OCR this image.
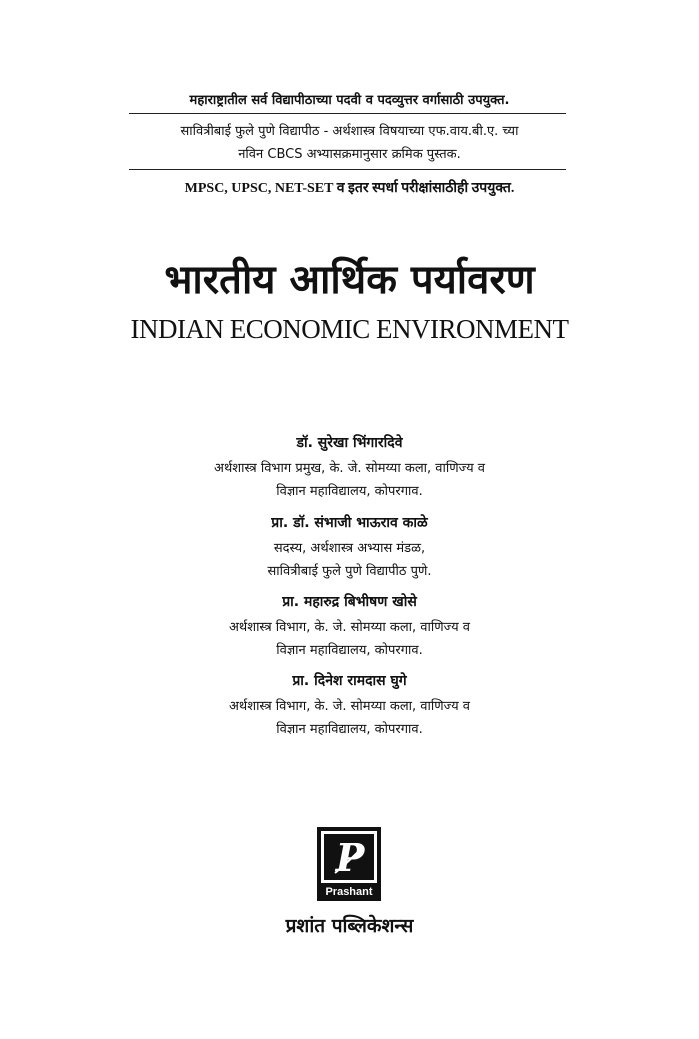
महाराष्ट्रातील सर्व विद्यापीठाच्या पदवी व पदव्युत्तर वर्गासाठी उपयुक्त.
सावित्रीबाई फुले पुणे विद्यापीठ - अर्थशास्त्र विषयाच्या एफ.वाय.बी.ए. च्या
नविन CBCS अभ्यासक्रमानुसार क्रमिक पुस्तक.
MPSC, UPSC, NET-SET व इतर स्पर्धा परीक्षांसाठीही उपयुक्त.
भारतीय आर्थिक पर्यावरण
INDIAN ECONOMIC ENVIRONMENT
डॉ. सुरेखा भिंगारदिवे
अर्थशास्त्र विभाग प्रमुख, के. जे. सोमय्या कला, वाणिज्य व
विज्ञान महाविद्यालय, कोपरगाव.
प्रा. डॉ. संभाजी भाऊराव काळे
सदस्य, अर्थशास्त्र अभ्यास मंडळ,
सावित्रीबाई फुले पुणे विद्यापीठ पुणे.
प्रा. महारुद्र बिभीषण खोसे
अर्थशास्त्र विभाग, के. जे. सोमय्या कला, वाणिज्य व
विज्ञान महाविद्यालय, कोपरगाव.
प्रा. दिनेश रामदास घुगे
अर्थशास्त्र विभाग, के. जे. सोमय्या कला, वाणिज्य व
विज्ञान महाविद्यालय, कोपरगाव.
P
Prashant
प्रशांत पब्लिकेशन्स
